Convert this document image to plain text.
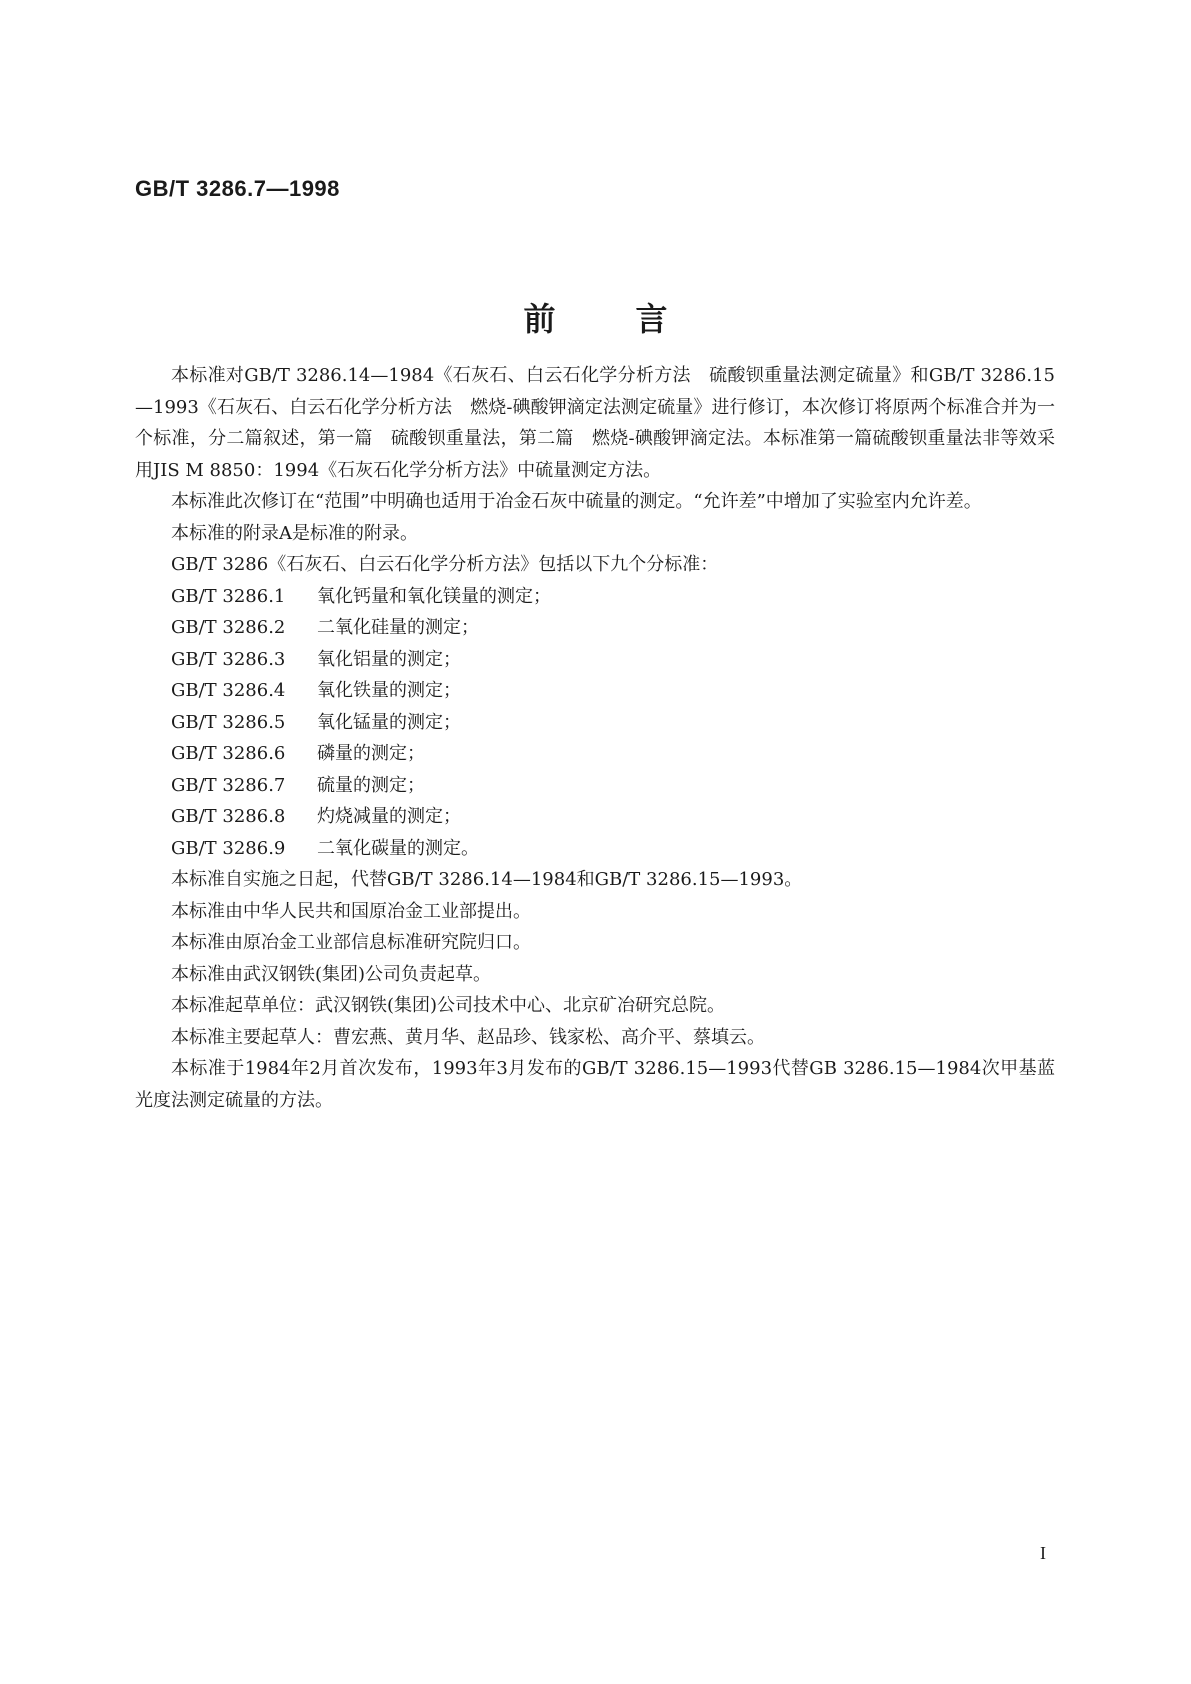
GB/T 3286.7—1998
前言

本标准对GB/T 3286.14—1984《石灰石、白云石化学分析方法　硫酸钡重量法测定硫量》和GB/T 3286.15—1993《石灰石、白云石化学分析方法　燃烧-碘酸钾滴定法测定硫量》进行修订，本次修订将原两个标准合并为一个标准，分二篇叙述，第一篇　硫酸钡重量法，第二篇　燃烧-碘酸钾滴定法。本标准第一篇硫酸钡重量法非等效采用JIS M 8850：1994《石灰石化学分析方法》中硫量测定方法。

本标准此次修订在“范围”中明确也适用于冶金石灰中硫量的测定。“允许差”中增加了实验室内允许差。

本标准的附录A是标准的附录。

GB/T 3286《石灰石、白云石化学分析方法》包括以下九个分标准：

GB/T 3286.1 氧化钙量和氧化镁量的测定；
GB/T 3286.2 二氧化硅量的测定；
GB/T 3286.3 氧化铝量的测定；
GB/T 3286.4 氧化铁量的测定；
GB/T 3286.5 氧化锰量的测定；
GB/T 3286.6 磷量的测定；
GB/T 3286.7 硫量的测定；
GB/T 3286.8 灼烧减量的测定；
GB/T 3286.9 二氧化碳量的测定。

本标准自实施之日起，代替GB/T 3286.14—1984和GB/T 3286.15—1993。

本标准由中华人民共和国原冶金工业部提出。

本标准由原冶金工业部信息标准研究院归口。

本标准由武汉钢铁(集团)公司负责起草。

本标准起草单位：武汉钢铁(集团)公司技术中心、北京矿冶研究总院。

本标准主要起草人：曹宏燕、黄月华、赵品珍、钱家松、高介平、蔡填云。

本标准于1984年2月首次发布，1993年3月发布的GB/T 3286.15—1993代替GB 3286.15—1984次甲基蓝光度法测定硫量的方法。

I
